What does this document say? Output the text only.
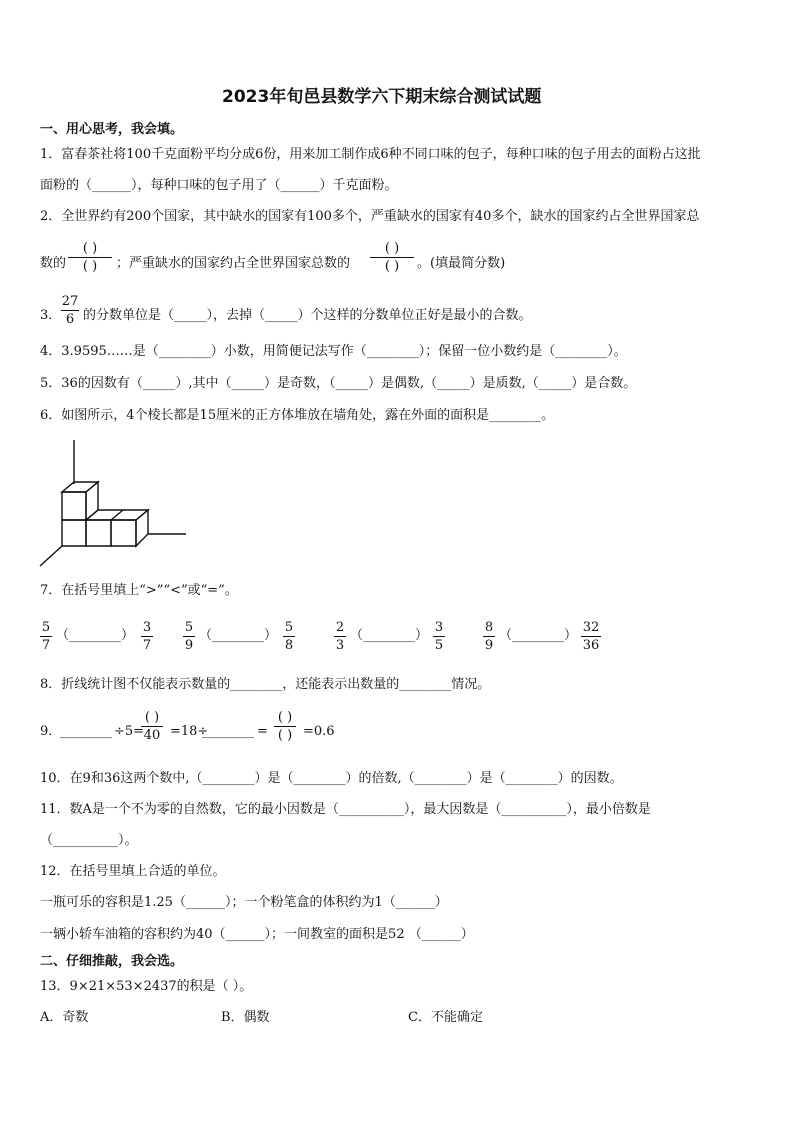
2023年旬邑县数学六下期末综合测试试题
一、用心思考，我会填。
1．富春茶社将100千克面粉平均分成6份，用来加工制作成6种不同口味的包子，每种口味的包子用去的面粉占这批
面粉的（______），每种口味的包子用了（______）千克面粉。
2．全世界约有200个国家，其中缺水的国家有100多个，严重缺水的国家有40多个，缺水的国家约占全世界国家总
数的
( )
( ) ；严重缺水的国家约占全世界国家总数的
( )
( ) 。(填最简分数)
3．
27
6 的分数单位是（_____），去掉（_____）个这样的分数单位正好是最小的合数。
4．3.9595……是（________）小数，用简便记法写作（________）；保留一位小数约是（________）。
5．36的因数有（_____）,其中（_____）是奇数，（_____）是偶数,（_____）是质数,（_____）是合数。
6．如图所示，4个棱长都是15厘米的正方体堆放在墙角处，露在外面的面积是________。
7．在括号里填上“>”“<”或“=”。
5
7
（________）
3
7
5
9
（________）
5
8
2
3
（________）
3
5
8
9
（________）
32
36
8．折线统计图不仅能表示数量的________，还能表示出数量的________情况。
9．
________ ÷5=
( )
40 =18÷
________ =
( )
( ) =0.6
10．在9和36这两个数中,（________）是（________）的倍数,（________）是（________）的因数。
11．数A是一个不为零的自然数，它的最小因数是（__________），最大因数是（__________），最小倍数是
（__________）。
12．在括号里填上合适的单位。
一瓶可乐的容积是1.25（______）；一个粉笔盒的体积约为1（______）
一辆小轿车油箱的容积约为40（______）；一间教室的面积是52 （______）
二、仔细推敲，我会选。
13．9×21×53×2437的积是（ ）。
A．奇数	B．偶数	C．不能确定
